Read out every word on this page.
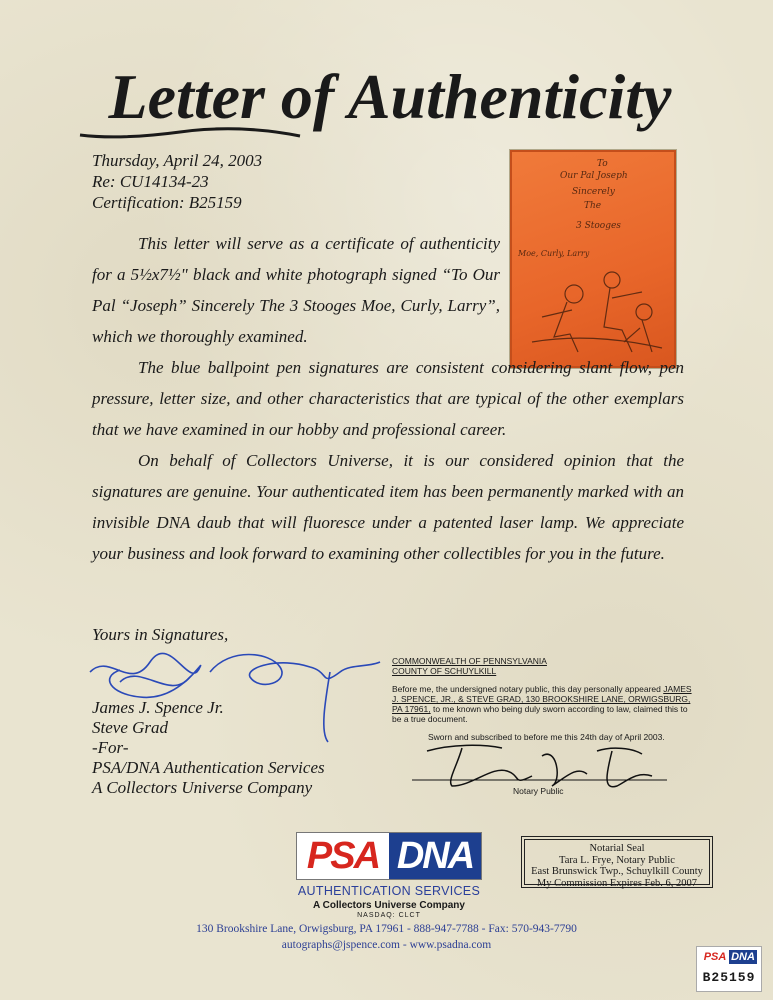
Letter of Authenticity
Thursday, April 24, 2003
Re: CU14134-23
Certification: B25159
To
Our Pal Joseph
Sincerely
The
3 Stooges
Moe, Curly, Larry
This letter will serve as a certificate of authenticity for a 5½x7½" black and white photograph signed “To Our Pal “Joseph” Sincerely The 3 Stooges Moe, Curly, Larry”, which we thoroughly examined.
The blue ballpoint pen signatures are consistent considering slant flow, pen pressure, letter size, and other characteristics that are typical of the other exemplars that we have examined in our hobby and professional career.
On behalf of Collectors Universe, it is our considered opinion that the signatures are genuine. Your authenticated item has been permanently marked with an invisible DNA daub that will fluoresce under a patented laser lamp. We appreciate your business and look forward to examining other collectibles for you in the future.
Yours in Signatures,
James J. Spence Jr.
Steve Grad
-For-
PSA/DNA Authentication Services
A Collectors Universe Company
COMMONWEALTH OF PENNSYLVANIA
COUNTY OF SCHUYLKILL
Before me, the undersigned notary public, this day personally appeared JAMES J. SPENCE, JR., & STEVE GRAD, 130 BROOKSHIRE LANE, ORWIGSBURG, PA 17961, to me known who being duly sworn according to law, claimed this to be a true document.
Sworn and subscribed to before me this 24th day of April 2003.
Notary Public
PSA DNA
AUTHENTICATION SERVICES
A Collectors Universe Company
NASDAQ: CLCT
130 Brookshire Lane, Orwigsburg, PA 17961 - 888-947-7788 - Fax: 570-943-7790
autographs@jspence.com - www.psadna.com
Notarial Seal
Tara L. Frye, Notary Public
East Brunswick Twp., Schuylkill County
My Commission Expires Feb. 6, 2007
PSA DNA
B25159
